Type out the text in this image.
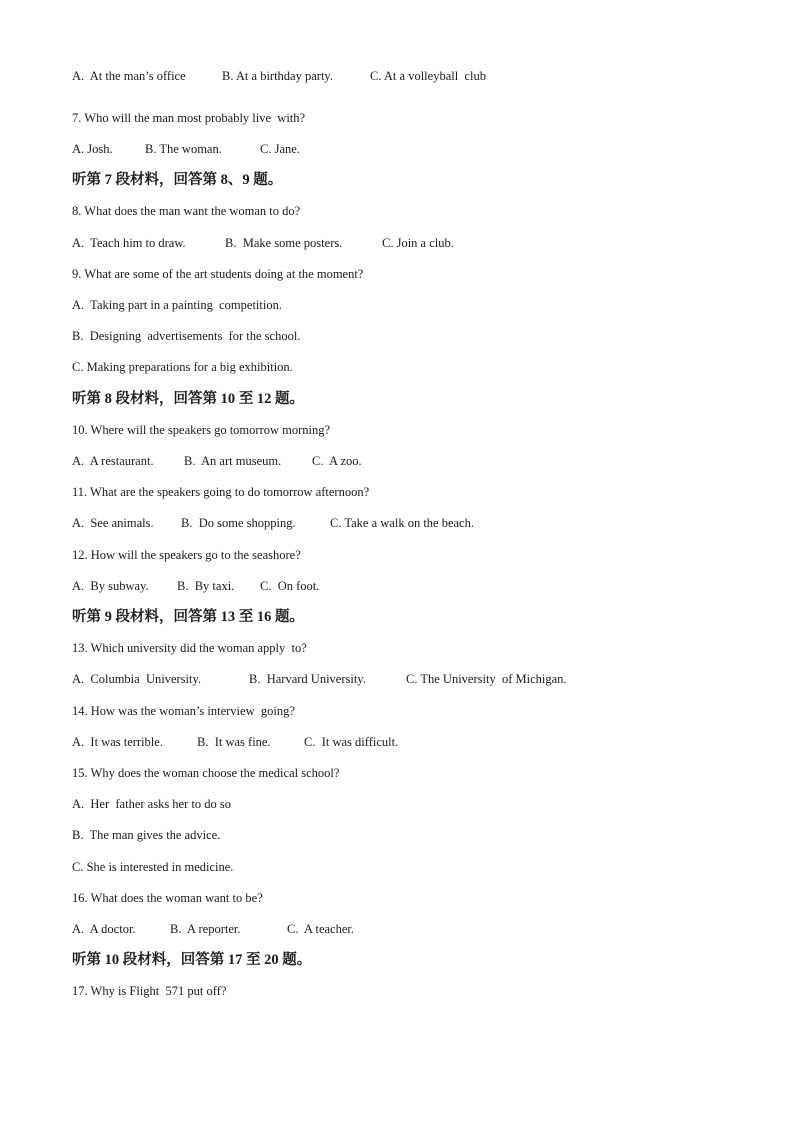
A.  At the man’s office	B. At a birthday party.	C. At a volleyball  club
7. Who will the man most probably live  with?
A. Josh.	B. The woman.	C. Jane.
听第 7 段材料，回答第 8、9 题。
8. What does the man want the woman to do?
A.  Teach him to draw.	B.  Make some posters.	C. Join a club.
9. What are some of the art students doing at the moment?
A.  Taking part in a painting  competition.
B.  Designing  advertisements  for the school.
C. Making preparations for a big exhibition.
听第 8 段材料，回答第 10 至 12 题。
10. Where will the speakers go tomorrow morning?
A.  A restaurant. B.  An art museum. C.  A zoo.
11. What are the speakers going to do tomorrow afternoon?
A.  See animals. B.  Do some shopping.	C. Take a walk on the beach.
12. How will the speakers go to the seashore?
A.  By subway. B.  By taxi. C.  On foot.
听第 9 段材料，回答第 13 至 16 题。
13. Which university did the woman apply  to?
A.  Columbia  University.	B.  Harvard University.	C. The University  of Michigan.
14. How was the woman’s interview  going?
A.  It was terrible.	B.  It was fine.	C.  It was difficult.
15. Why does the woman choose the medical school?
A.  Her  father asks her to do so
B.  The man gives the advice.
C. She is interested in medicine.
16. What does the woman want to be?
A.  A doctor.	B.  A reporter.	C.  A teacher.
听第 10 段材料，回答第 17 至 20 题。
17. Why is Flight  571 put off?
